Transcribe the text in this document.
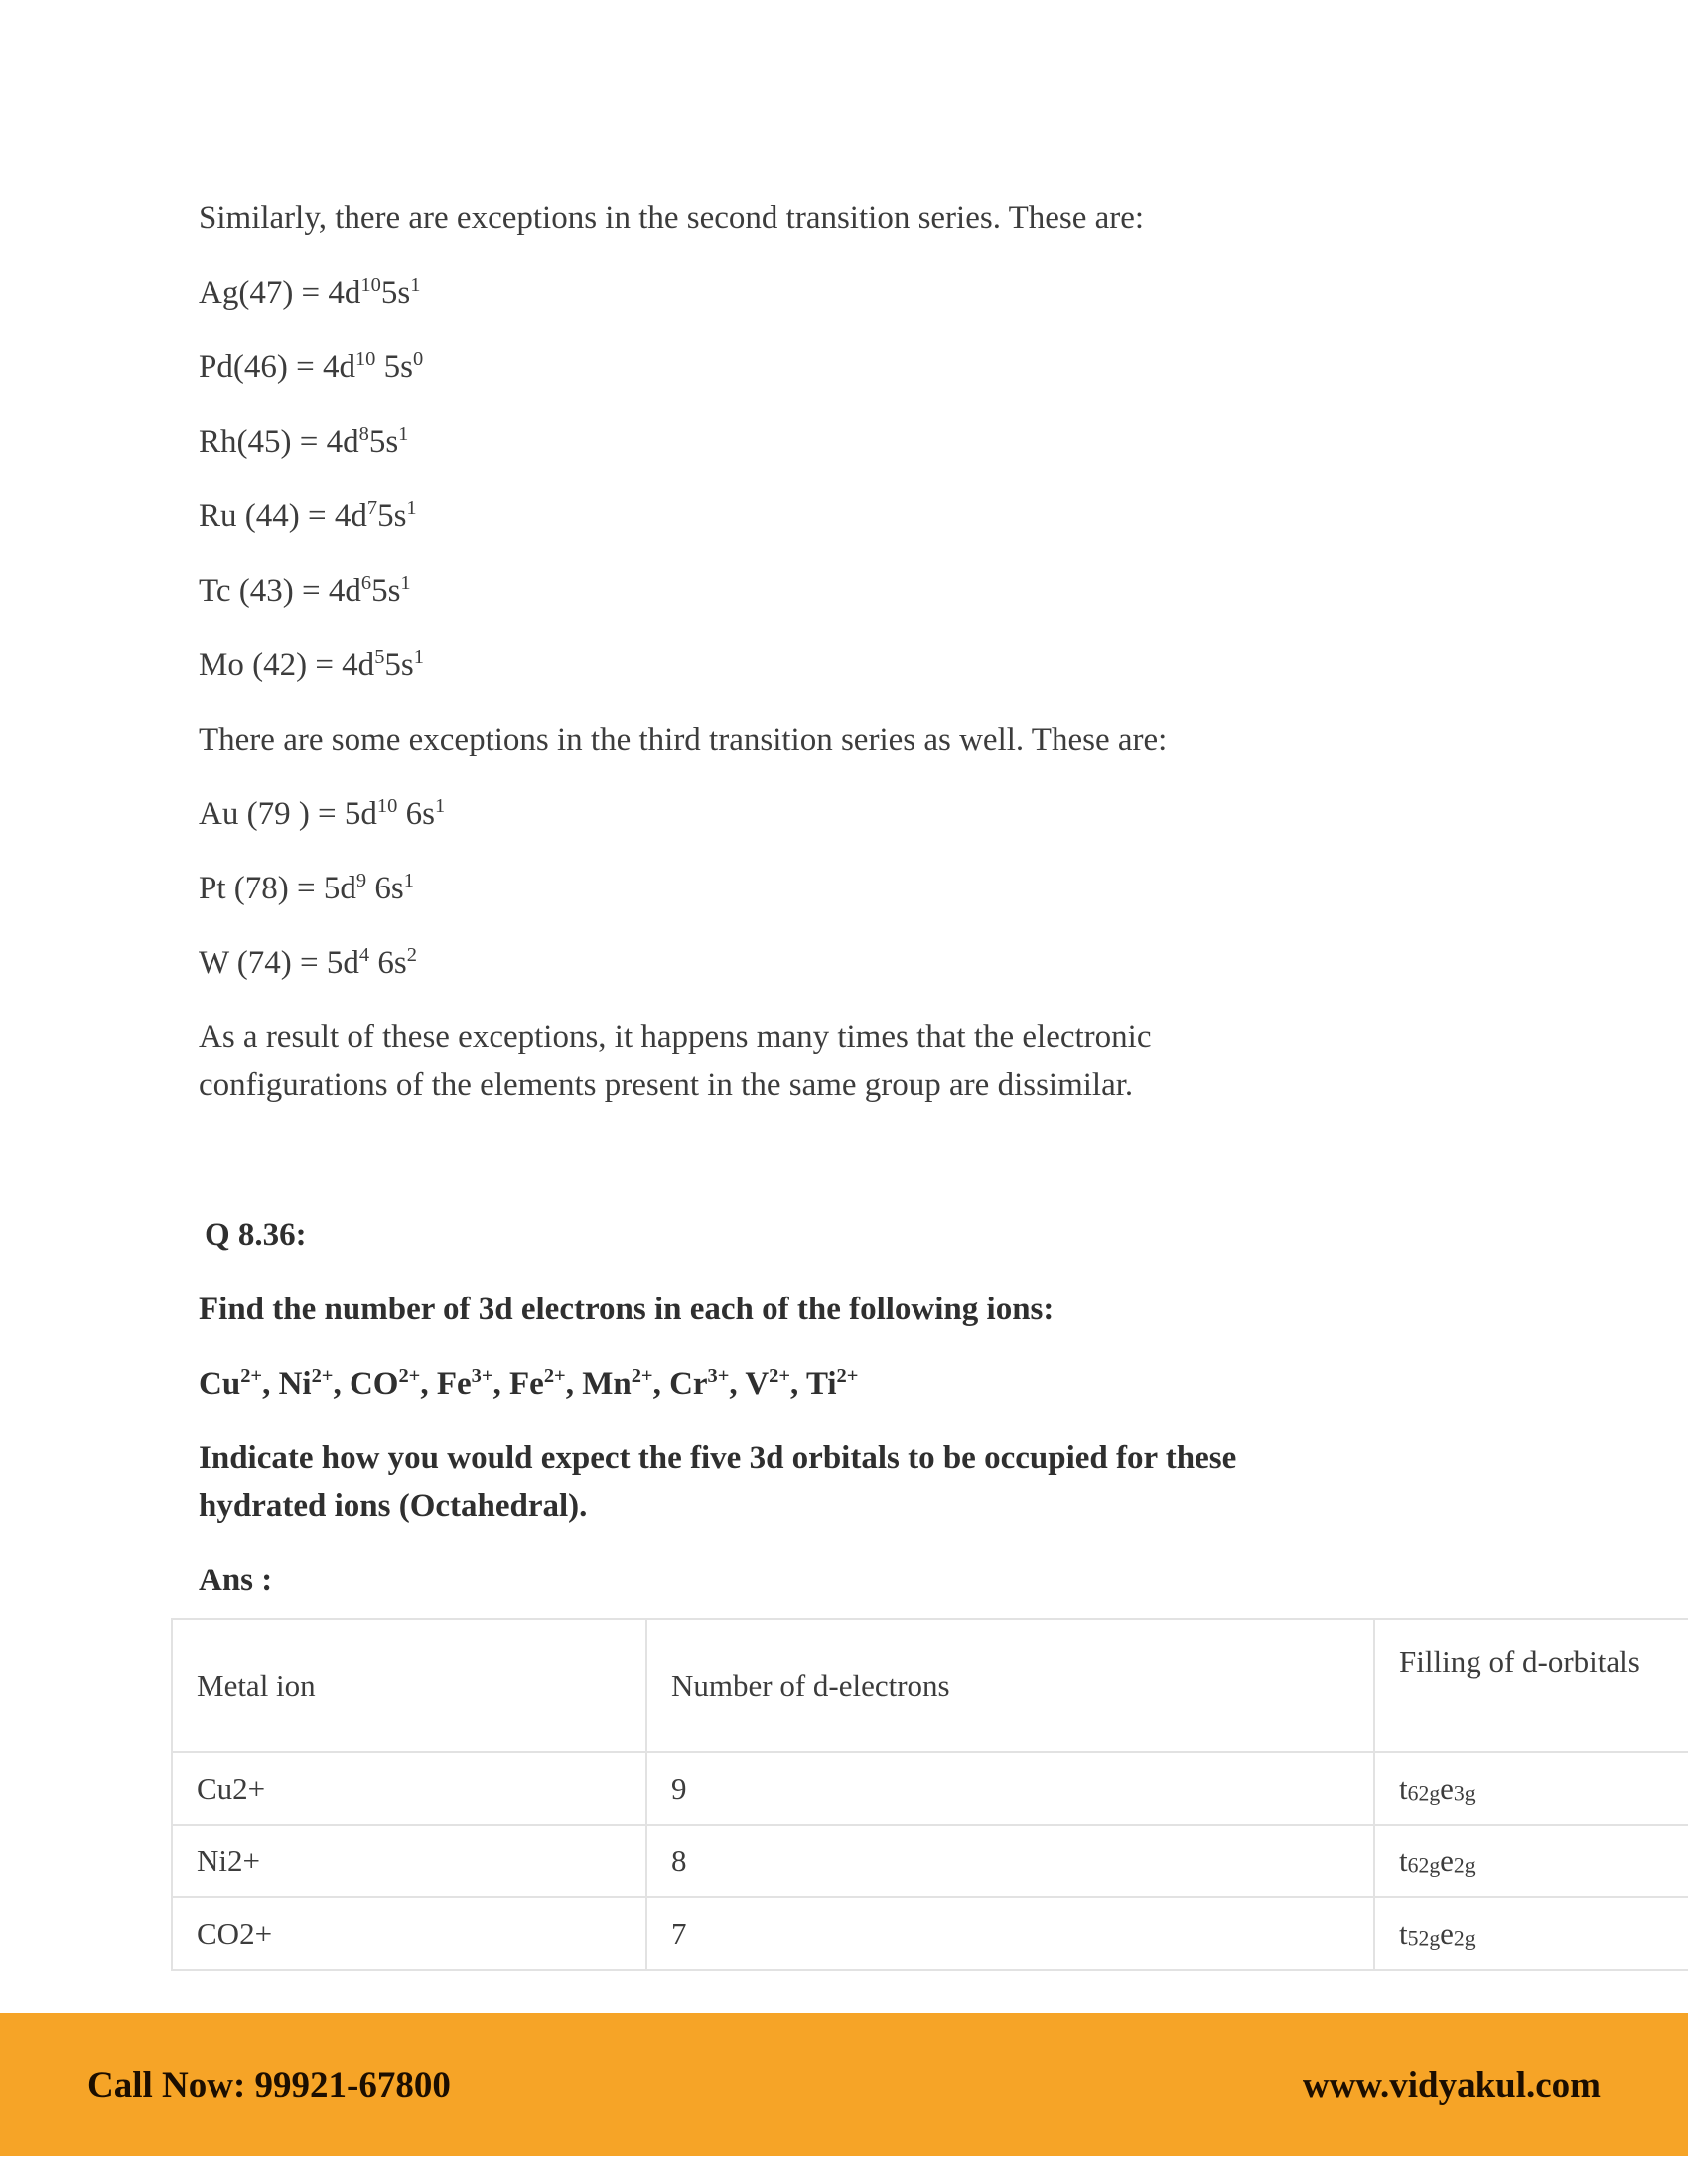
Similarly, there are exceptions in the second transition series. These are:

$Ag(47) = 4d^{10}5s^1$

$Pd(46) = 4d^{10}$ $5s^0$

$Rh(45) = 4d^85s^1$

Ru $(44) = 4d^75s^1$

Tc $(43) = 4d^65s^1$

Mo $(42) = 4d^55s^1$

There are some exceptions in the third transition series as well. These are:

Au (79 ) = $5d^{10}$ $6s^1$

Pt $(78) = 5d^9$ $6s^1$

W $(74) = 5d^4$ $6s^2$

As a result of these exceptions, it happens many times that the electronic
configurations of the elements present in the same group are dissimilar.

Q 8.36:

Find the number of 3d electrons in each of the following ions:

$Cu^{2+}$, $Ni^{2+}$, $CO^{2+}$, $Fe^{3+}$, $Fe^{2+}$, $Mn^{2+}$, $Cr^{3+}$, $V^{2+}$, $Ti^{2+}$

Indicate how you would expect the five 3d orbitals to be occupied for these
hydrated ions (Octahedral).

Ans :

Metal ion	Number of d-electrons	Filling of d-orbitals
Cu2+	9	t62ge3g
Ni2+	8	t62ge2g
CO2+	7	t52ge2g
Call Now: 99921-67800	www.vidyakul.com
